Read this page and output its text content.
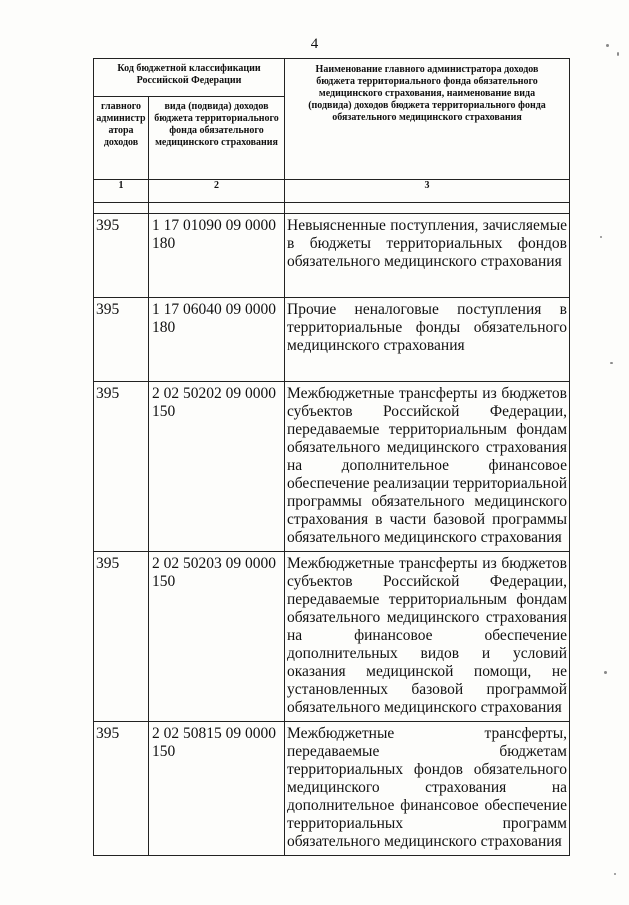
4
Код бюджетной классификации Российской Федерации		Наименование главного администратора доходов бюджета территориального фонда обязательного медицинского страхования, наименование вида (подвида) доходов бюджета территориального фонда обязательного медицинского страхования
главного администр атора доходов	вида (подвида) доходов бюджета территориального фонда обязательного медицинского страхования	
1	2	3

395	1 17 01090 09 0000 180	Невыясненные поступления, зачисляемые в бюджеты территориальных фондов обязательного медицинского страхования
395	1 17 06040 09 0000 180	Прочие неналоговые поступления в территориальные фонды обязательного медицинского страхования
395	2 02 50202 09 0000 150	Межбюджетные трансферты из бюджетов субъектов Российской Федерации, передаваемые территориальным фондам обязательного медицинского страхования на дополнительное финансовое обеспечение реализации территориальной программы обязательного медицинского страхования в части базовой программы обязательного медицинского страхования
395	2 02 50203 09 0000 150	Межбюджетные трансферты из бюджетов субъектов Российской Федерации, передаваемые территориальным фондам обязательного медицинского страхования на финансовое обеспечение дополнительных видов и условий оказания медицинской помощи, не установленных базовой программой обязательного медицинского страхования
395	2 02 50815 09 0000 150	Межбюджетные трансферты, передаваемые бюджетам территориальных фондов обязательного медицинского страхования на дополнительное финансовое обеспечение территориальных программ обязательного медицинского страхования
